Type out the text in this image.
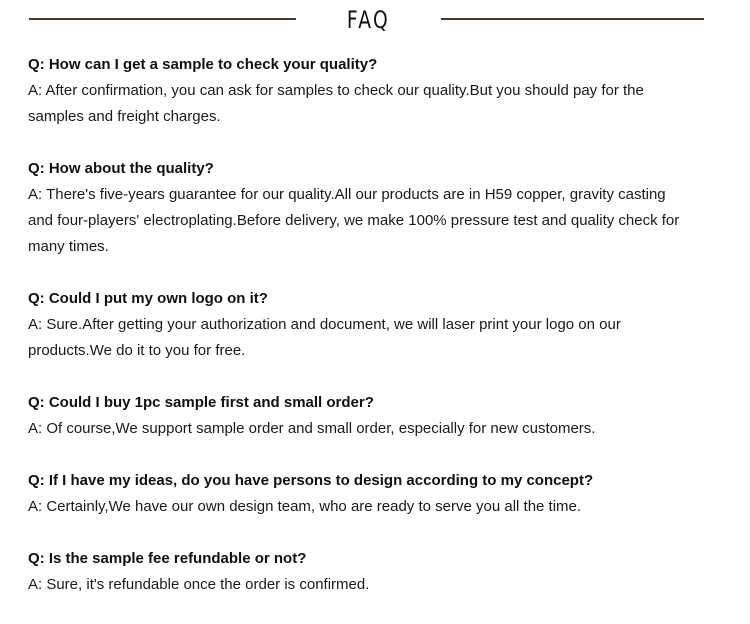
FAQ

Q: How can I get a sample to check your quality?

A: After confirmation, you can ask for samples to check our quality.But you should pay for the

samples and freight charges.

Q: How about the quality?

A: There's five-years guarantee for our quality.All our products are in H59 copper, gravity casting

and four-players' electroplating.Before delivery, we make 100% pressure test and quality check for

many times.

Q: Could I put my own logo on it?

A: Sure.After getting your authorization and document, we will laser print your logo on our

products.We do it to you for free.

Q: Could I buy 1pc sample first and small order?

A: Of course,We support sample order and small order, especially for new customers.

Q: If I have my ideas, do you have persons to design according to my concept?

A: Certainly,We have our own design team, who are ready to serve you all the time.

Q: Is the sample fee refundable or not?

A: Sure, it's refundable once the order is confirmed.
